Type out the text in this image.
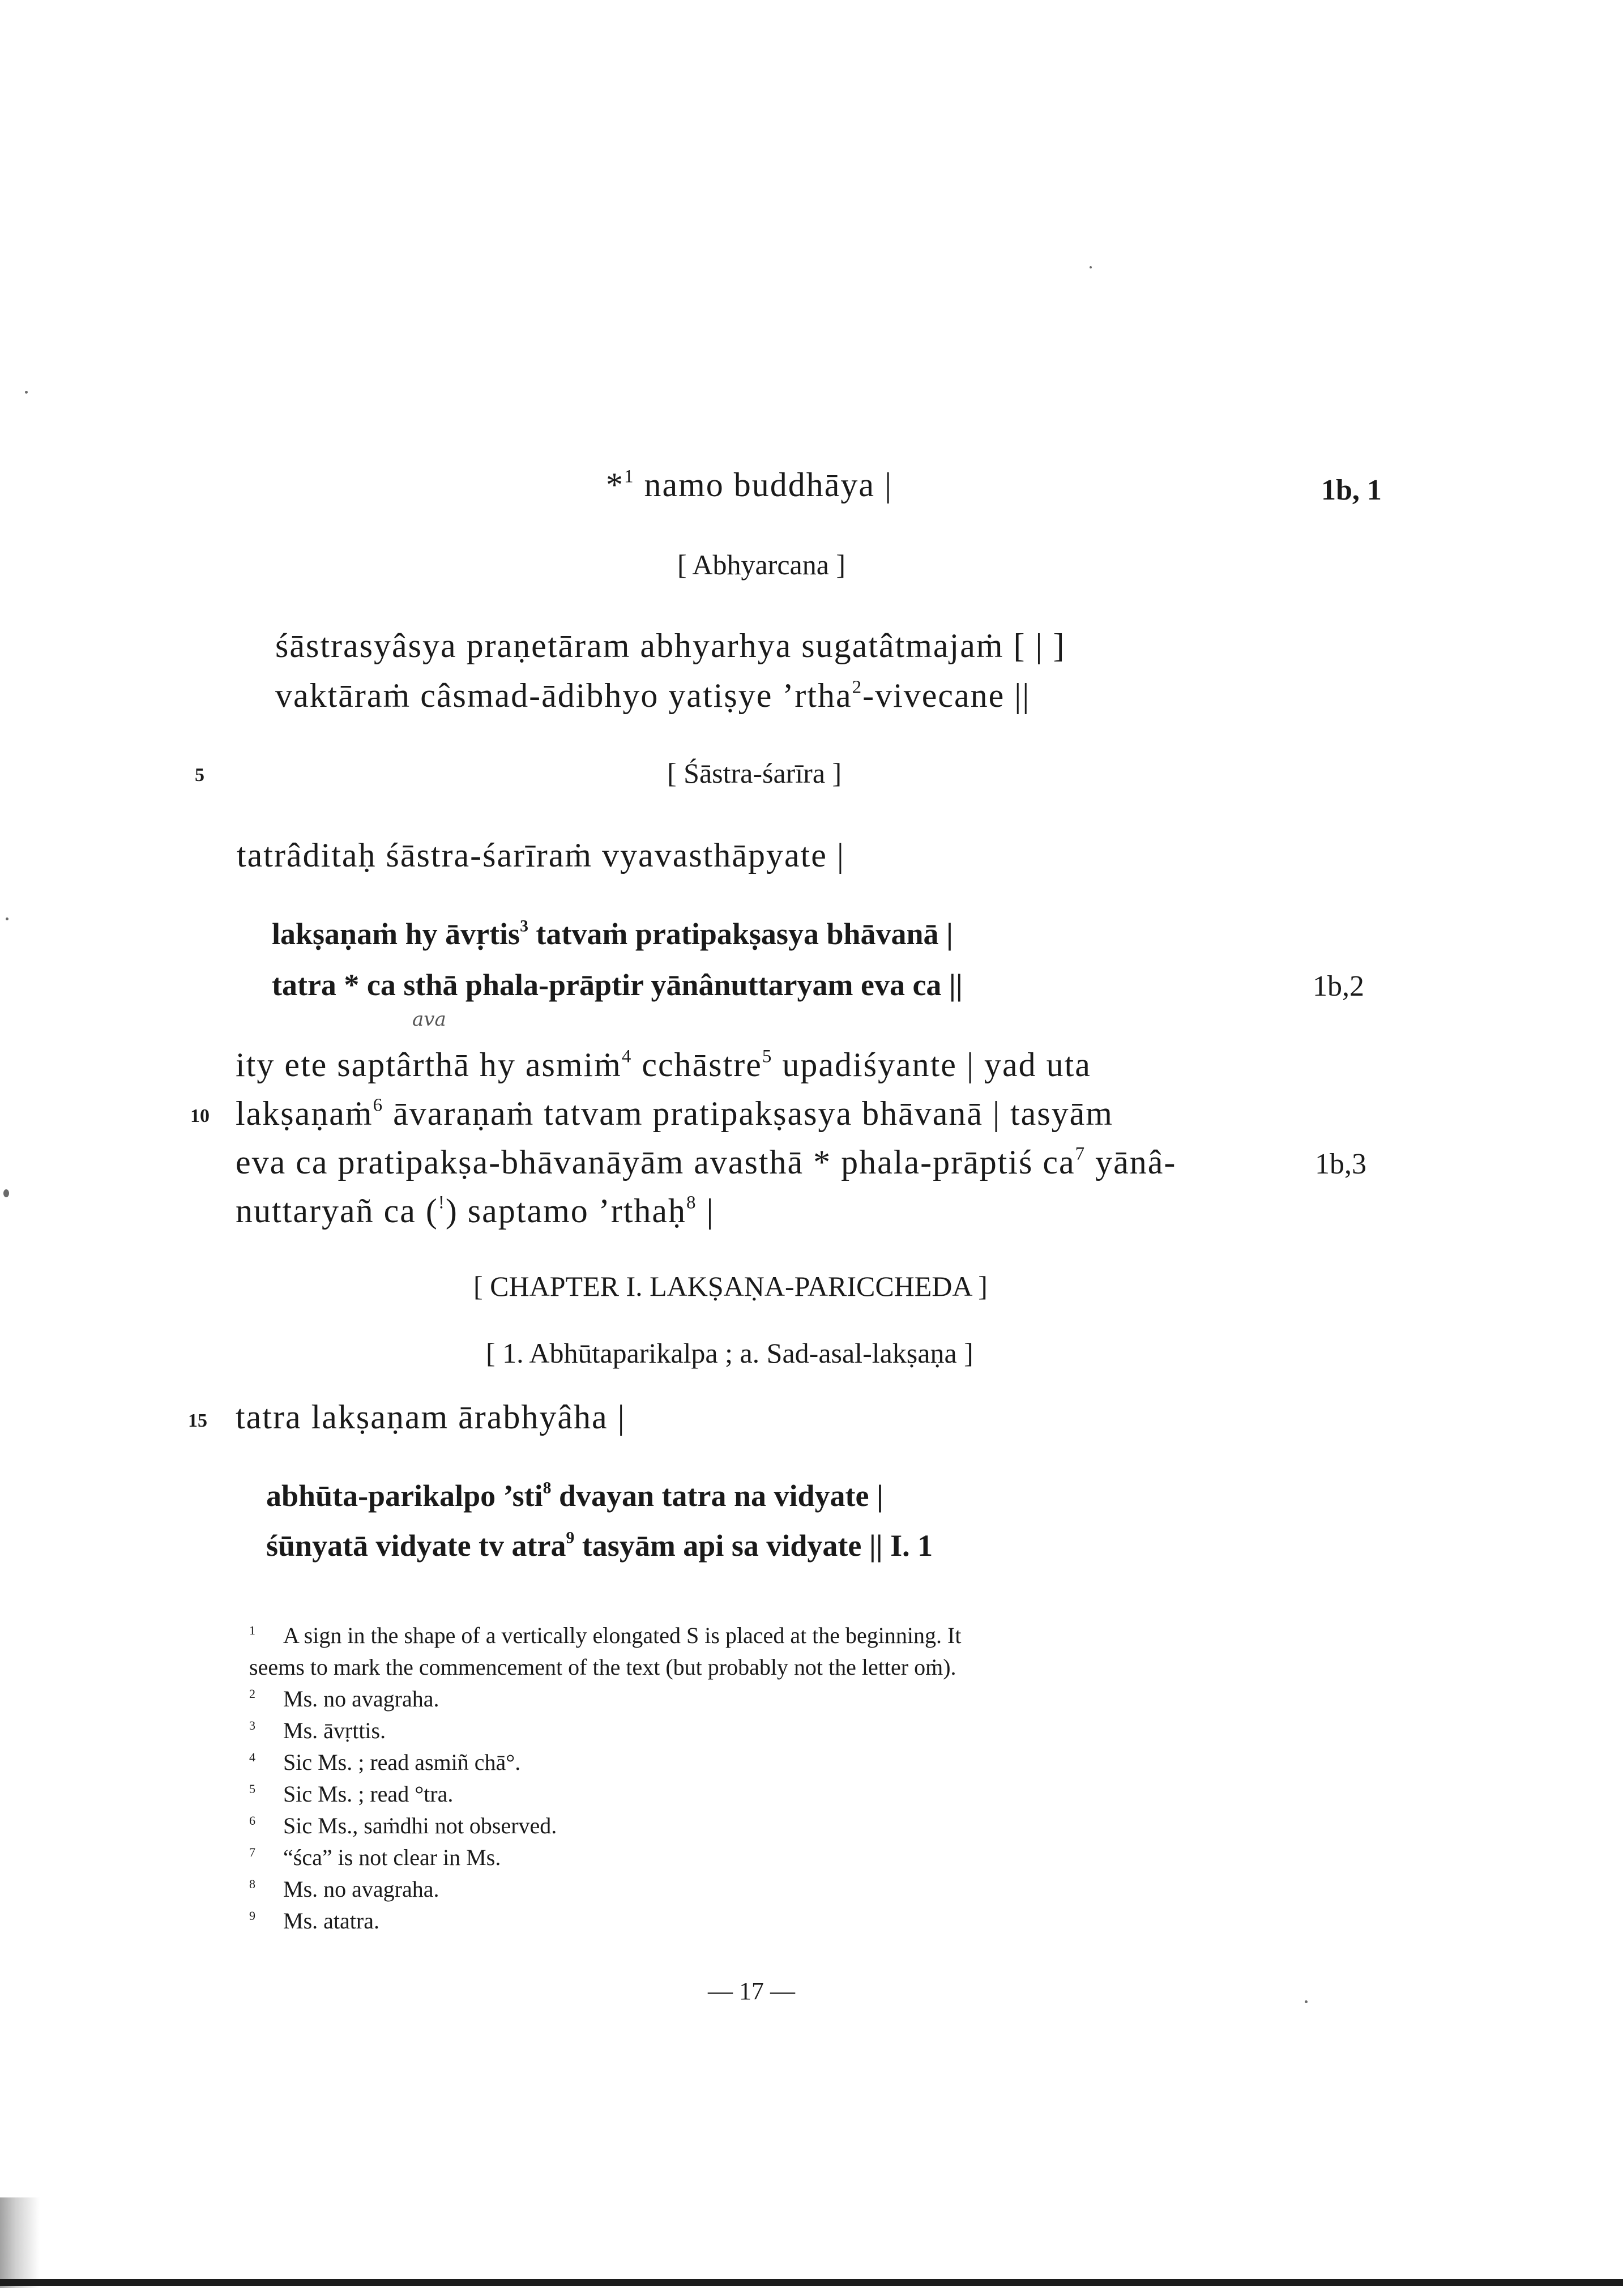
*$^1$ namo buddhāya |	1b, 1
[ Abhyarcana ]
śāstrasyâsya praṇetāram abhyarhya sugatâtmajaṁ [ | ]
vaktāraṁ câsmad-ādibhyo yatiṣye ’rtha$^2$-vivecane ||
5	[ Śāstra-śarīra ]
tatrâditaḥ śāstra-śarīraṁ vyavasthāpyate |
lakṣaṇaṁ hy āvṛtis$^3$ tatvaṁ pratipakṣasya bhāvanā |
tatra * ca sthā phala-prāptir yānânuttaryam eva ca ||	1b,2
ava
ity ete saptârthā hy asmiṁ$^4$ cchāstre$^5$ upadiśyante | yad uta
10 lakṣaṇaṁ$^6$ āvaraṇaṁ tatvam pratipakṣasya bhāvanā | tasyām
eva ca pratipakṣa-bhāvanāyām avasthā * phala-prāptiś $ca^7$ yānâ-	1b,3
nuttaryañ ca (!) saptamo ’rthaḥ$^8$ |
[ CHAPTER I. LAKṢAṆA-PARICCHEDA ]
[ 1. Abhūtaparikalpa ; a. Sad-asal-lakṣaṇa ]
15 tatra lakṣaṇam ārabhyâha |
abhūta-parikalpo ’sti$^8$ dvayan tatra na vidyate |
śūnyatā vidyate tv atra$^9$ tasyām api sa vidyate || I. 1
1 A sign in the shape of a vertically elongated S is placed at the beginning. It
seems to mark the commencement of the text (but probably not the letter oṁ).
2 Ms. no avagraha.
3 Ms. āvṛttis.
4 Sic Ms. ; read asmiñ chā°.
5 Sic Ms. ; read °tra.
6 Sic Ms., saṁdhi not observed.
7 “śca” is not clear in Ms.
8 Ms. no avagraha.
9 Ms. atatra.
— 17 —
